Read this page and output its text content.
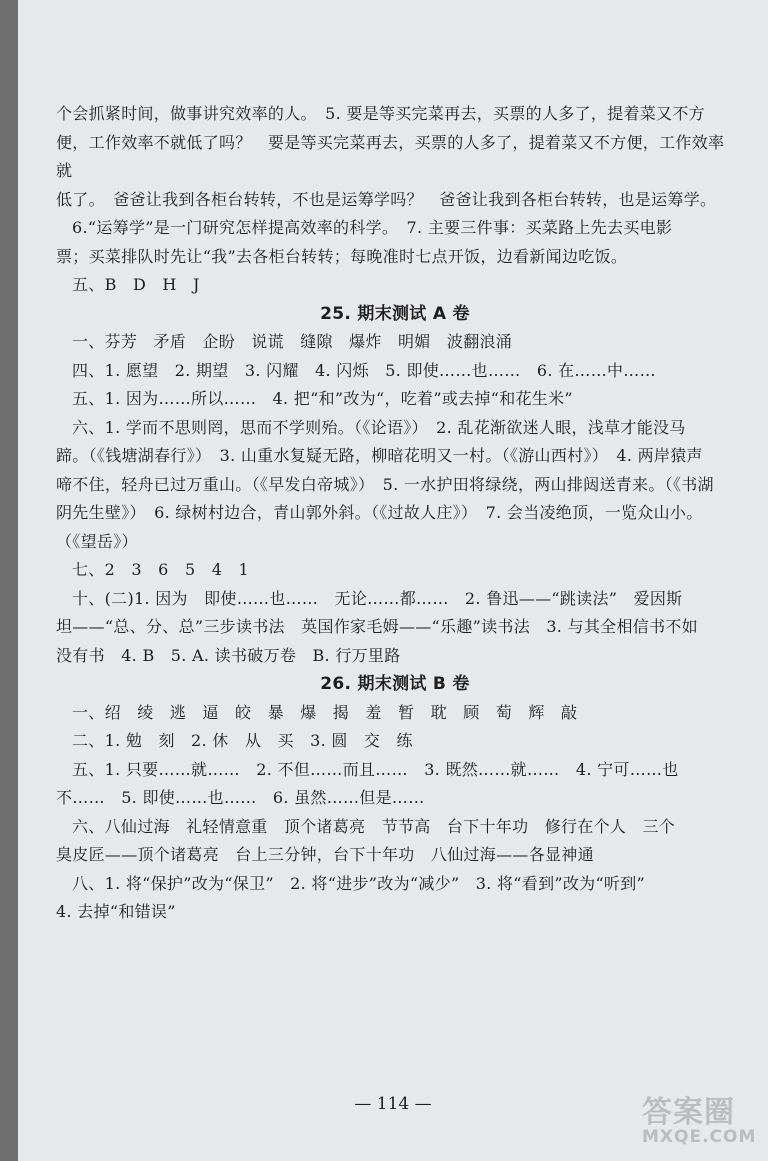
个会抓紧时间，做事讲究效率的人。　5. 要是等买完菜再去，买票的人多了，提着菜又不方

便，工作效率不就低了吗？　要是等买完菜再去，买票的人多了，提着菜又不方便，工作效率就

低了。　爸爸让我到各柜台转转，不也是运筹学吗？　爸爸让我到各柜台转转，也是运筹学。

6.“运筹学”是一门研究怎样提高效率的科学。　7. 主要三件事：买菜路上先去买电影

票；买菜排队时先让“我”去各柜台转转；每晚准时七点开饭，边看新闻边吃饭。

五、B　D　H　J

25. 期末测试 A 卷

一、芬芳　矛盾　企盼　说谎　缝隙　爆炸　明媚　波翻浪涌

四、1. 愿望　2. 期望　3. 闪耀　4. 闪烁　5. 即使……也……　6. 在……中……

五、1. 因为……所以……　4. 把“和”改为“，吃着”或去掉“和花生米”

六、1. 学而不思则罔，思而不学则殆。（《论语》）　2. 乱花渐欲迷人眼，浅草才能没马

蹄。（《钱塘湖春行》）　3. 山重水复疑无路，柳暗花明又一村。（《游山西村》）　4. 两岸猿声

啼不住，轻舟已过万重山。（《早发白帝城》）　5. 一水护田将绿绕，两山排闼送青来。（《书湖

阴先生壁》）　6. 绿树村边合，青山郭外斜。（《过故人庄》）　7. 会当凌绝顶，一览众山小。

（《望岳》）

七、2　3　6　5　4　1

十、(二)1. 因为　即使……也……　无论……都……　2. 鲁迅——“跳读法”　爱因斯

坦——“总、分、总”三步读书法　英国作家毛姆——“乐趣”读书法　3. 与其全相信书不如

没有书　4. B　5. A. 读书破万卷　B. 行万里路

26. 期末测试 B 卷

一、绍　绫　逃　逼　皎　暴　爆　揭　羞　暂　耽　顾　萄　辉　敲

二、1. 勉　刻　2. 休　从　买　3. 圆　交　练

五、1. 只要……就……　2. 不但……而且……　3. 既然……就……　4. 宁可……也

不……　5. 即使……也……　6. 虽然……但是……

六、八仙过海　礼轻情意重　顶个诸葛亮　节节高　台下十年功　修行在个人　三个

臭皮匠——顶个诸葛亮　台上三分钟，台下十年功　八仙过海——各显神通

八、1. 将“保护”改为“保卫”　2. 将“进步”改为“减少”　3. 将“看到”改为“听到”

4. 去掉“和错误”

— 114 —	答案圈
MXQE.COM
